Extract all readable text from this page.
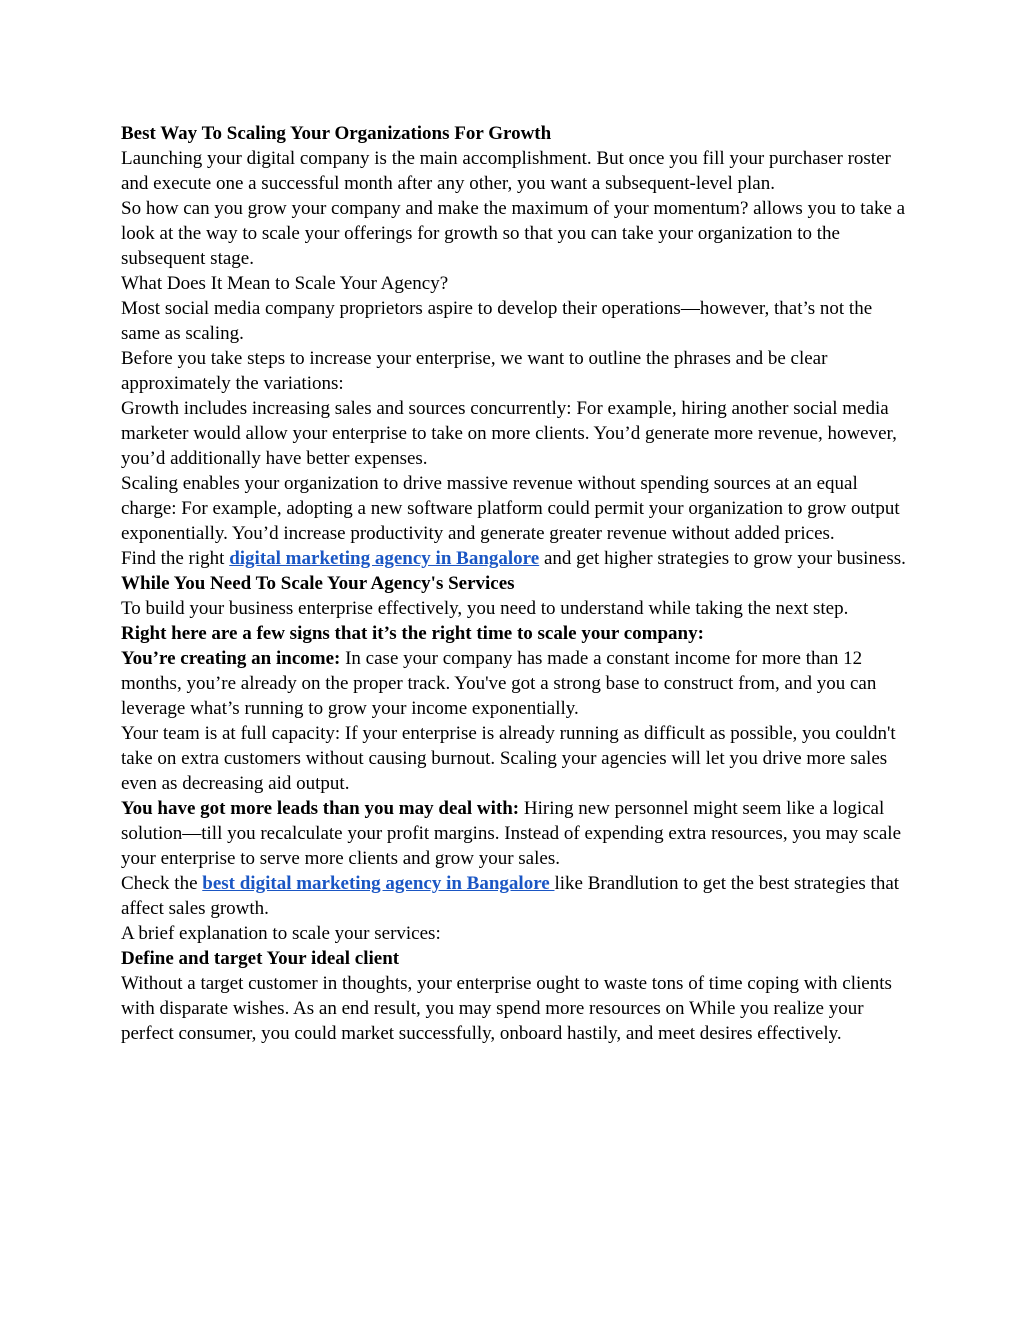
Best Way To Scaling Your Organizations For Growth

Launching your digital company is the main accomplishment. But once you fill your purchaser roster and execute one a successful month after any other, you want a subsequent-level plan.

So how can you grow your company and make the maximum of your momentum? allows you to take a look at the way to scale your offerings for growth so that you can take your organization to the subsequent stage.

What Does It Mean to Scale Your Agency?

Most social media company proprietors aspire to develop their operations—however, that’s not the same as scaling.

Before you take steps to increase your enterprise, we want to outline the phrases and be clear approximately the variations:

Growth includes increasing sales and sources concurrently: For example, hiring another social media marketer would allow your enterprise to take on more clients. You’d generate more revenue, however, you’d additionally have better expenses.

Scaling enables your organization to drive massive revenue without spending sources at an equal charge: For example, adopting a new software platform could permit your organization to grow output exponentially. You’d increase productivity and generate greater revenue without added prices.

Find the right digital marketing agency in Bangalore and get higher strategies to grow your business.

While You Need To Scale Your Agency's Services

To build your business enterprise effectively, you need to understand while taking the next step.

Right here are a few signs that it’s the right time to scale your company:

You’re creating an income: In case your company has made a constant income for more than 12 months, you’re already on the proper track. You've got a strong base to construct from, and you can leverage what’s running to grow your income exponentially.

Your team is at full capacity: If your enterprise is already running as difficult as possible, you couldn't take on extra customers without causing burnout. Scaling your agencies will let you drive more sales even as decreasing aid output.

You have got more leads than you may deal with: Hiring new personnel might seem like a logical solution—till you recalculate your profit margins. Instead of expending extra resources, you may scale your enterprise to serve more clients and grow your sales.

Check the best digital marketing agency in Bangalore like Brandlution to get the best strategies that affect sales growth.

A brief explanation to scale your services:

Define and target Your ideal client

Without a target customer in thoughts, your enterprise ought to waste tons of time coping with clients with disparate wishes. As an end result, you may spend more resources on While you realize your perfect consumer, you could market successfully, onboard hastily, and meet desires effectively.
